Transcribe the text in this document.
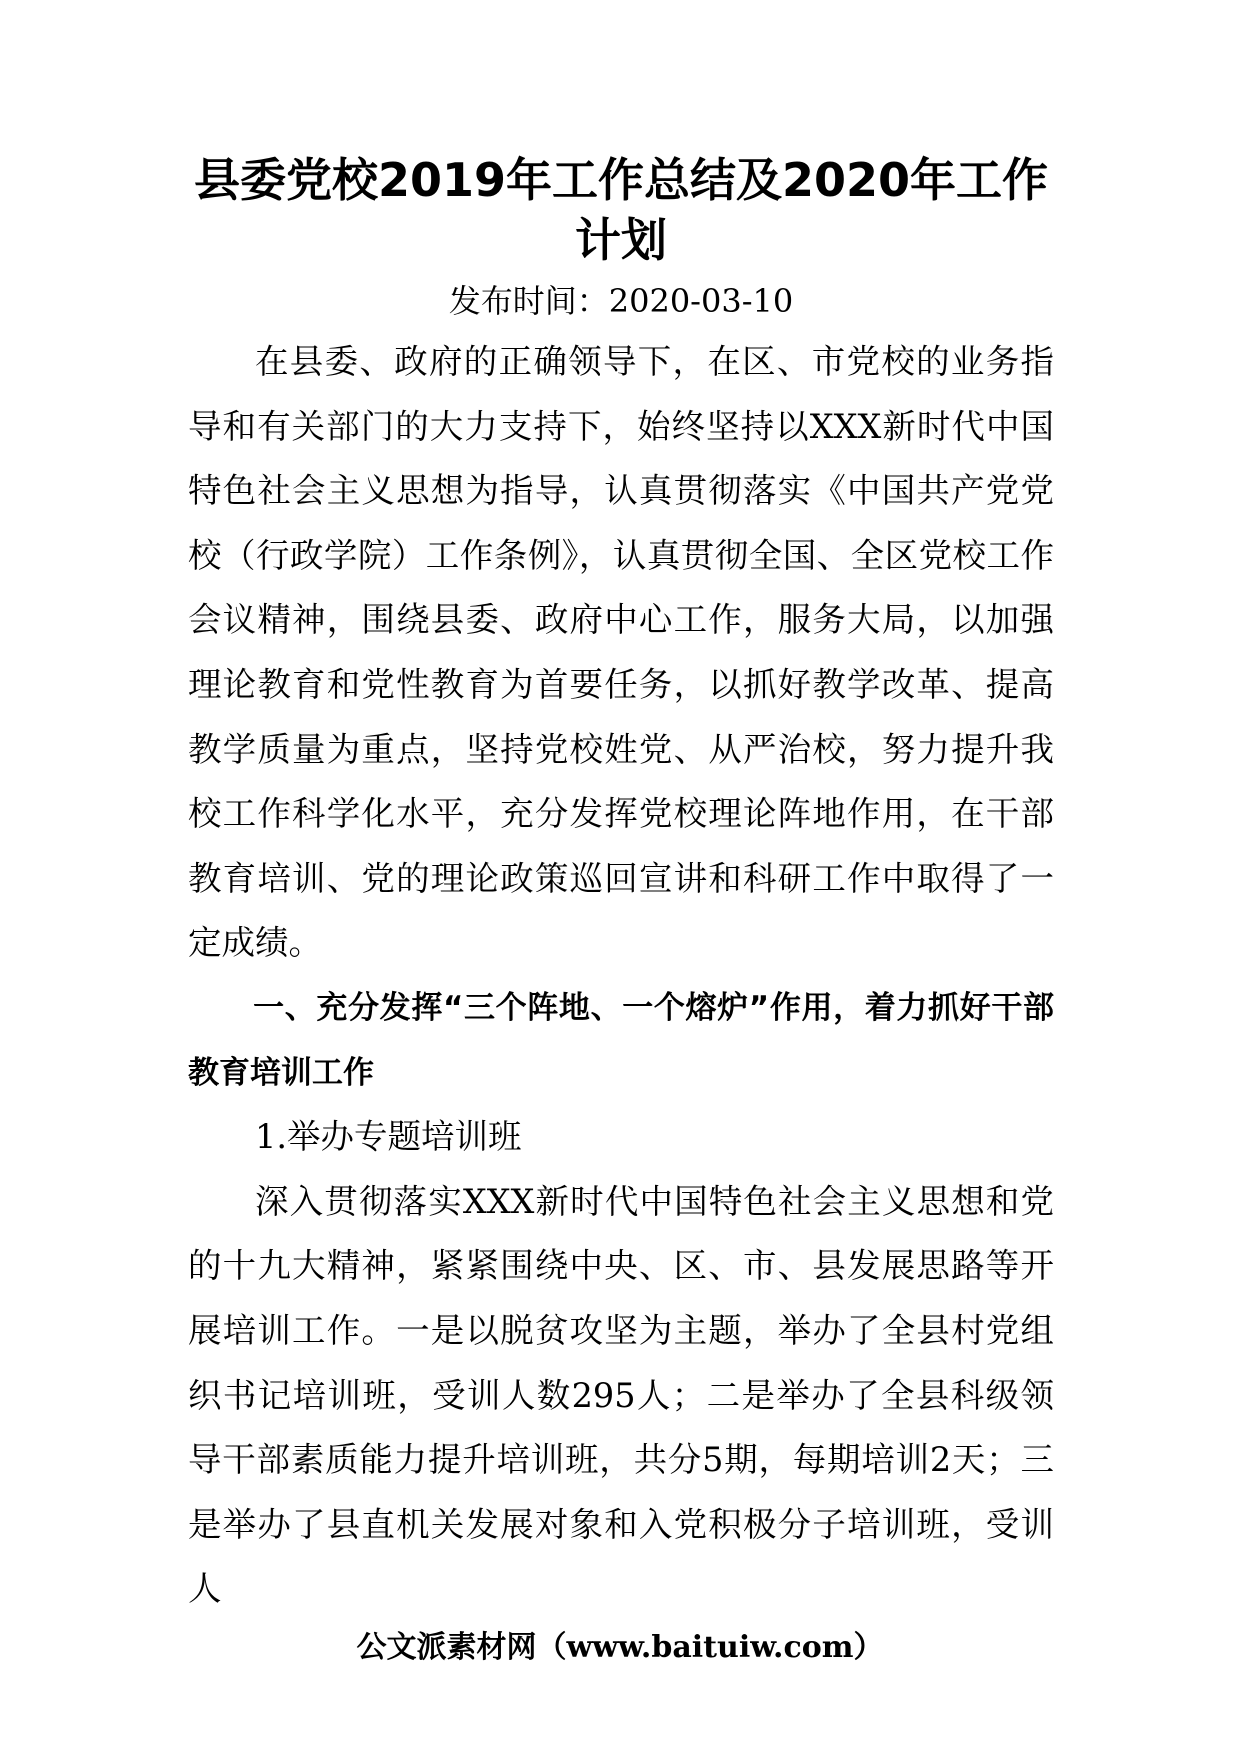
县委党校2019年工作总结及2020年工作计划

发布时间：2020-03-10

在县委、政府的正确领导下，在区、市党校的业务指导和有关部门的大力支持下，始终坚持以XXX新时代中国特色社会主义思想为指导，认真贯彻落实《中国共产党党校（行政学院）工作条例》，认真贯彻全国、全区党校工作会议精神，围绕县委、政府中心工作，服务大局，以加强理论教育和党性教育为首要任务，以抓好教学改革、提高教学质量为重点，坚持党校姓党、从严治校，努力提升我校工作科学化水平，充分发挥党校理论阵地作用，在干部教育培训、党的理论政策巡回宣讲和科研工作中取得了一定成绩。

一、充分发挥“三个阵地、一个熔炉”作用，着力抓好干部教育培训工作

1.举办专题培训班

深入贯彻落实XXX新时代中国特色社会主义思想和党的十九大精神，紧紧围绕中央、区、市、县发展思路等开展培训工作。一是以脱贫攻坚为主题，举办了全县村党组织书记培训班，受训人数295人；二是举办了全县科级领导干部素质能力提升培训班，共分5期，每期培训2天；三是举办了县直机关发展对象和入党积极分子培训班，受训人

公文派素材网（www.baituiw.com）
